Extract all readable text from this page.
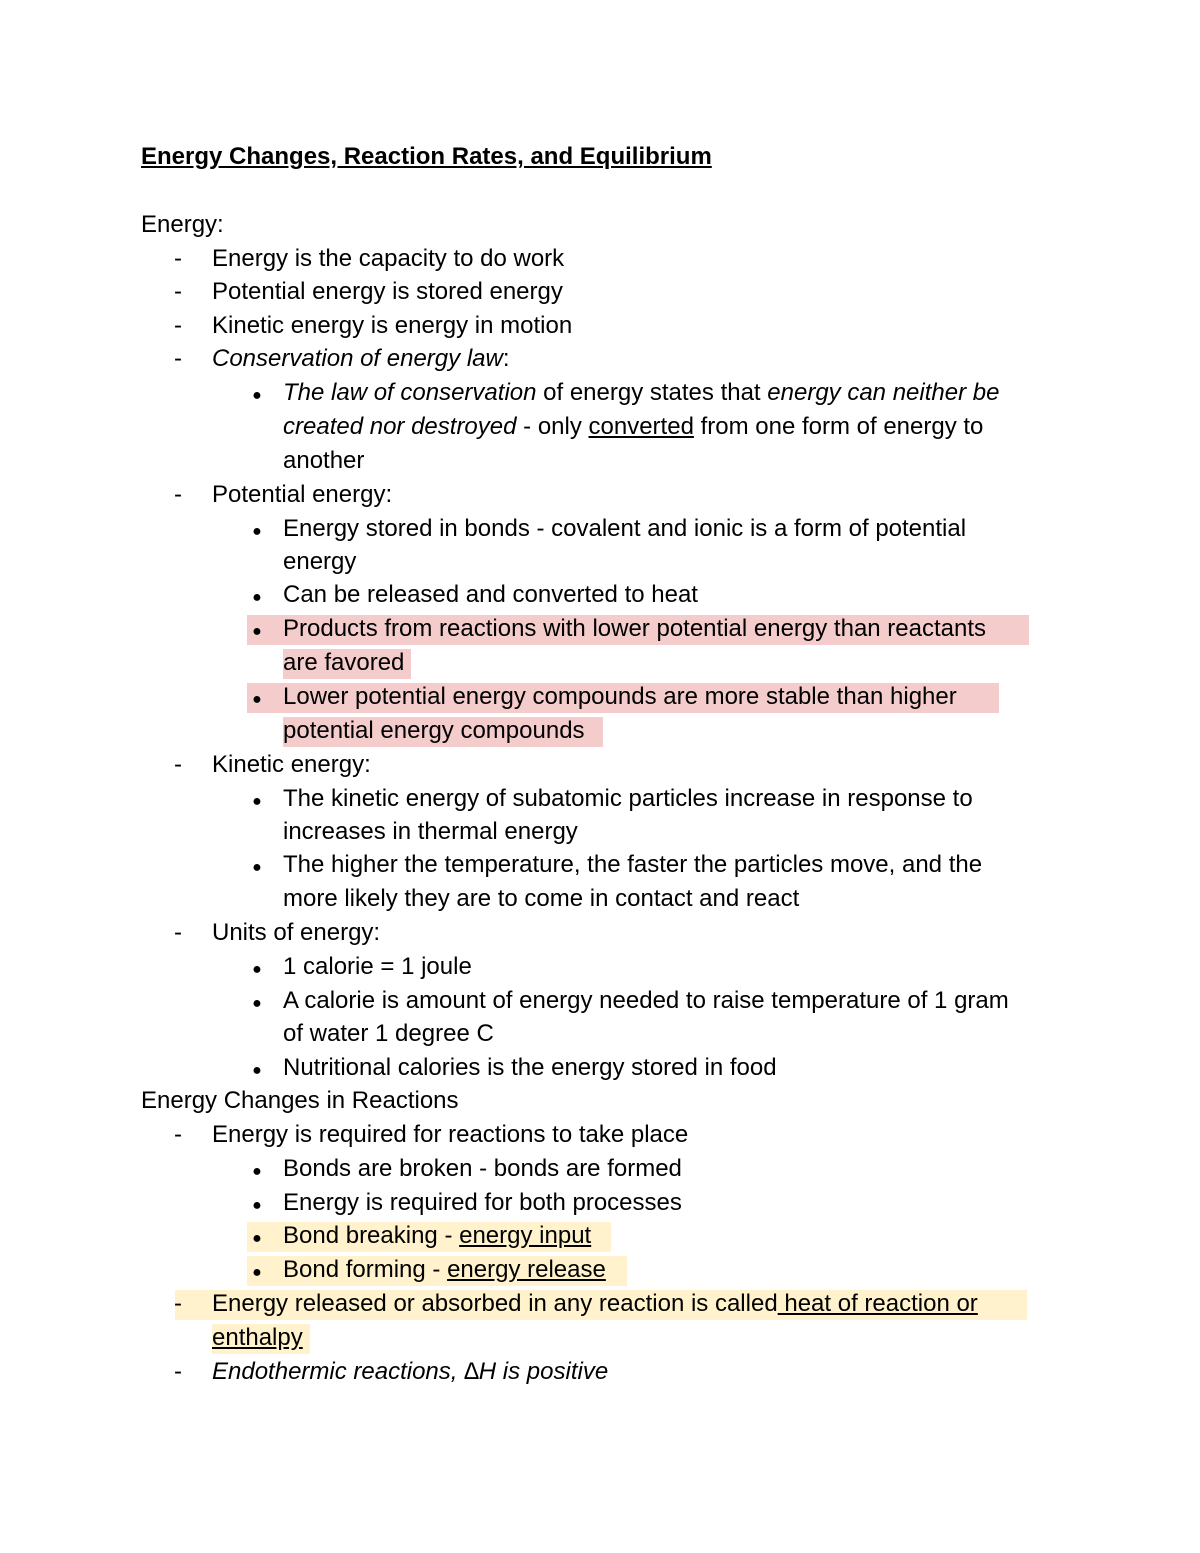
Energy Changes, Reaction Rates, and Equilibrium
Energy:
- Energy is the capacity to do work
- Potential energy is stored energy
- Kinetic energy is energy in motion
- Conservation of energy law:
● The law of conservation of energy states that energy can neither be
created nor destroyed - only converted from one form of energy to
another
- Potential energy:
● Energy stored in bonds - covalent and ionic is a form of potential
energy
● Can be released and converted to heat
● Products from reactions with lower potential energy than reactants
are favored
● Lower potential energy compounds are more stable than higher
potential energy compounds
- Kinetic energy:
● The kinetic energy of subatomic particles increase in response to
increases in thermal energy
● The higher the temperature, the faster the particles move, and the
more likely they are to come in contact and react
- Units of energy:
● 1 calorie = 1 joule
● A calorie is amount of energy needed to raise temperature of 1 gram
of water 1 degree C
● Nutritional calories is the energy stored in food
Energy Changes in Reactions
- Energy is required for reactions to take place
● Bonds are broken - bonds are formed
● Energy is required for both processes
● Bond breaking - energy input
● Bond forming - energy release
- Energy released or absorbed in any reaction is called heat of reaction or
enthalpy
- Endothermic reactions, ∆H is positive
